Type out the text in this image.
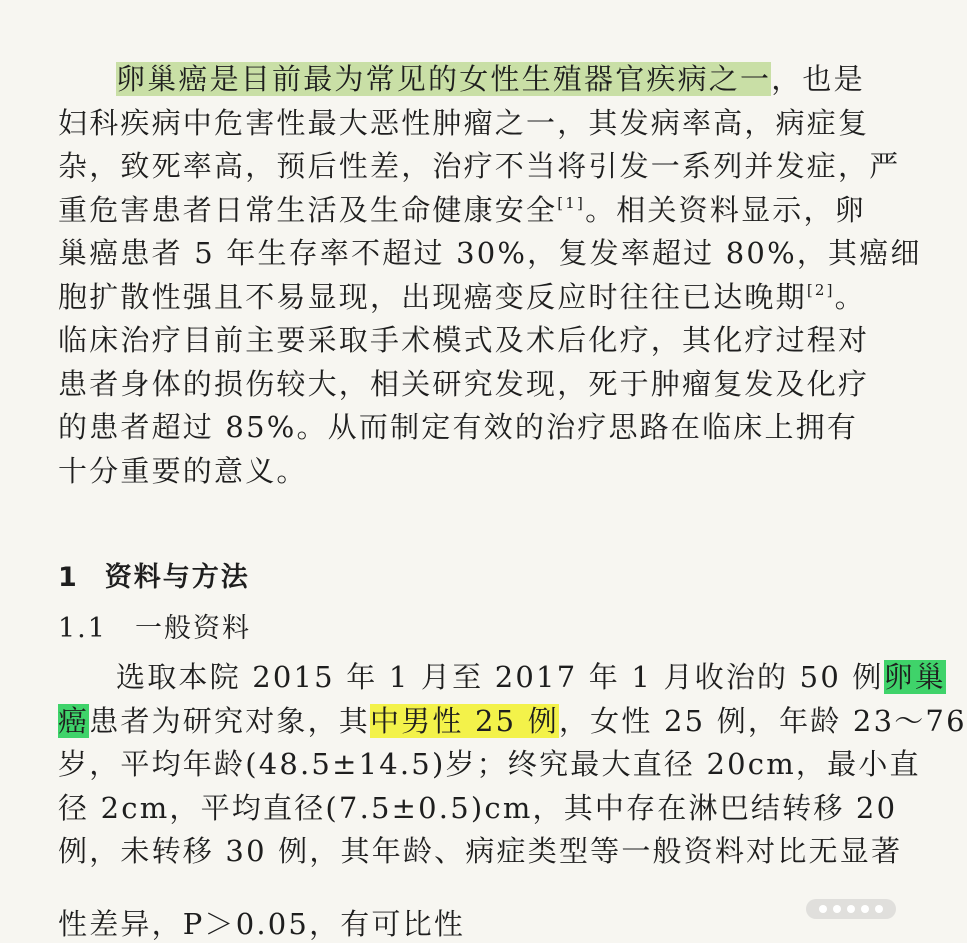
卵巢癌是目前最为常见的女性生殖器官疾病之一，也是
妇科疾病中危害性最大恶性肿瘤之一，其发病率高，病症复
杂，致死率高，预后性差，治疗不当将引发一系列并发症，严
重危害患者日常生活及生命健康安全[1]。相关资料显示，卵
巢癌患者 5 年生存率不超过 30%，复发率超过 80%，其癌细
胞扩散性强且不易显现，出现癌变反应时往往已达晚期[2]。
临床治疗目前主要采取手术模式及术后化疗，其化疗过程对
患者身体的损伤较大，相关研究发现，死于肿瘤复发及化疗
的患者超过 85%。从而制定有效的治疗思路在临床上拥有
十分重要的意义。
1 资料与方法
1.1 一般资料
选取本院 2015 年 1 月至 2017 年 1 月收治的 50 例卵巢
癌患者为研究对象，其中男性 25 例，女性 25 例，年龄 23～76
岁，平均年龄(48.5±14.5)岁；终究最大直径 20cm，最小直
径 2cm，平均直径(7.5±0.5)cm，其中存在淋巴结转移 20
例，未转移 30 例，其年龄、病症类型等一般资料对比无显著
性差异，P＞0.05，有可比性
